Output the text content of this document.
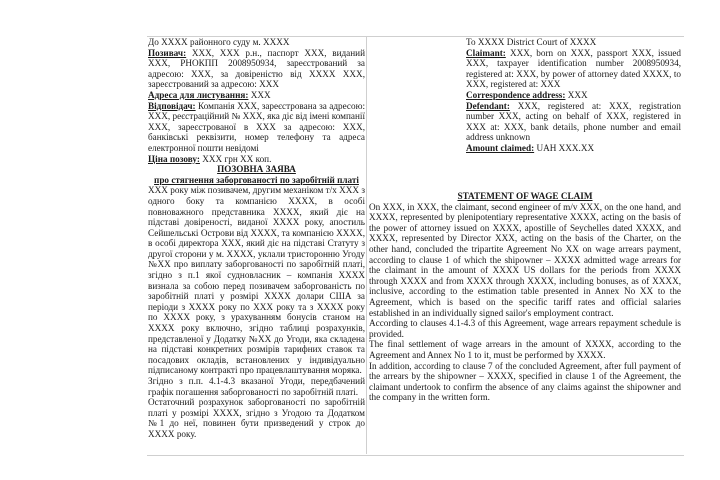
До XXXX районного суду м. XXXX

Позивач: XXX, XXX р.н., паспорт XXX, виданий XXX, РНОКПП 2008950934, зареєстрований за адресою: XXX, за довіреністю від XXXX XXX, зареєстрований за адресою: XXX

Адреса для листування: XXX

Відповідач: Компанія XXX, зареєстрована за адресою: XXX, реєстраційний № XXX, яка діє від імені компанії XXX, зареєстрованої в XXX за адресою: XXX, банківські реквізити, номер телефону та адреса електронної пошти невідомі

Ціна позову: XXX грн XX коп.

ПОЗОВНА ЗАЯВА

про стягнення заборгованості по заробітній платі

XXX року між позивачем, другим механіком т/х XXX з одного боку та компанією XXXX, в особі повноважного представника XXXX, який діє на підставі довіреності, виданої XXXX року, апостиль Сейшельські Острови від XXXX, та компанією XXXX, в особі директора XXX, який діє на підставі Статуту з другої сторони у м. XXXX, уклали тристоронню Угоду №XX про виплату заборгованості по заробітній платі, згідно з п.1 якої судновласник – компанія XXXX визнала за собою перед позивачем заборгованість по заробітній платі у розмірі XXXX долари США за періоди з XXXX року по XXX року та з XXXX року по XXXX року, з урахуванням бонусів станом на XXXX року включно, згідно таблиці розрахунків, представленої у Додатку №XX до Угоди, яка складена на підставі конкретних розмірів тарифних ставок та посадових окладів, встановлених у індивідуально підписаному контракті про працевлаштування моряка.

Згідно з п.п. 4.1-4.3 вказаної Угоди, передбачений графік погашення заборгованості по заробітній платі.

Остаточний розрахунок заборгованості по заробітній платі у розмірі XXXX, згідно з Угодою та Додатком №1 до неї, повинен бути призведений у строк до XXXX року.

To XXXX District Court of XXXX

Claimant: XXX, born on XXX, passport XXX, issued XXX, taxpayer identification number 2008950934, registered at: XXX, by power of attorney dated XXXX, to XXX, registered at: XXX

Correspondence address: XXX

Defendant: XXX, registered at: XXX, registration number XXX, acting on behalf of XXX, registered in XXX at: XXX, bank details, phone number and email address unknown

Amount claimed: UAH XXX.XX

STATEMENT OF WAGE CLAIM

On XXX, in XXX, the claimant, second engineer of m/v XXX, on the one hand, and XXXX, represented by plenipotentiary representative XXXX, acting on the basis of the power of attorney issued on XXXX, apostille of Seychelles dated XXXX, and XXXX, represented by Director XXX, acting on the basis of the Charter, on the other hand, concluded the tripartite Agreement No XX on wage arrears payment, according to clause 1 of which the shipowner – XXXX admitted wage arrears for the claimant in the amount of XXXX US dollars for the periods from XXXX through XXXX and from XXXX through XXXX, including bonuses, as of XXXX, inclusive, according to the estimation table presented in Annex No XX to the Agreement, which is based on the specific tariff rates and official salaries established in an individually signed sailor's employment contract.

According to clauses 4.1-4.3 of this Agreement, wage arrears repayment schedule is provided.

The final settlement of wage arrears in the amount of XXXX, according to the Agreement and Annex No 1 to it, must be performed by XXXX.

In addition, according to clause 7 of the concluded Agreement, after full payment of the arrears by the shipowner – XXXX, specified in clause 1 of the Agreement, the claimant undertook to confirm the absence of any claims against the shipowner and the company in the written form.
